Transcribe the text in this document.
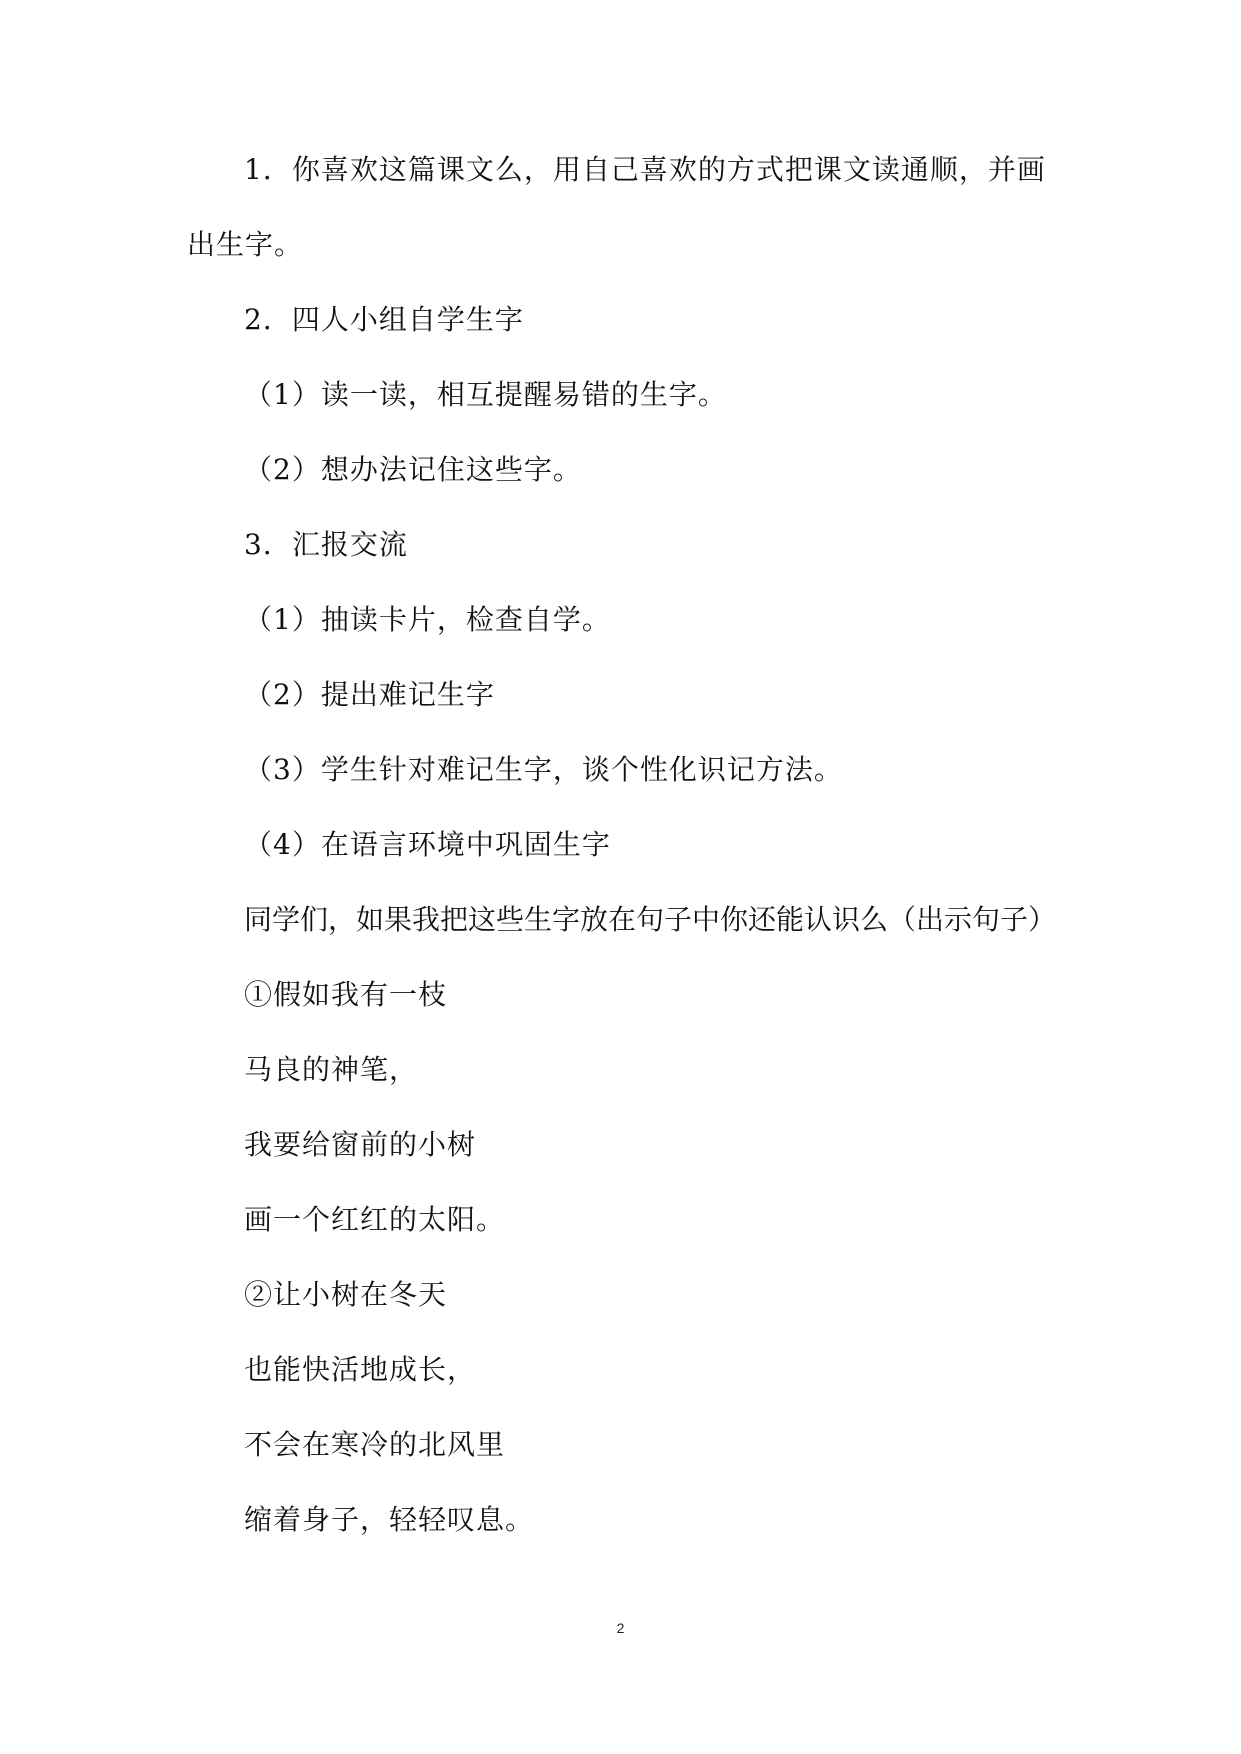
1．你喜欢这篇课文么，用自己喜欢的方式把课文读通顺，并画
出生字。
2．四人小组自学生字
（1）读一读，相互提醒易错的生字。
（2）想办法记住这些字。
3．汇报交流
（1）抽读卡片，检查自学。
（2）提出难记生字
（3）学生针对难记生字，谈个性化识记方法。
（4）在语言环境中巩固生字
同学们，如果我把这些生字放在句子中你还能认识么（出示句子）
①假如我有一枝
马良的神笔，
我要给窗前的小树
画一个红红的太阳。
②让小树在冬天
也能快活地成长，
不会在寒冷的北风里
缩着身子，轻轻叹息。
2
